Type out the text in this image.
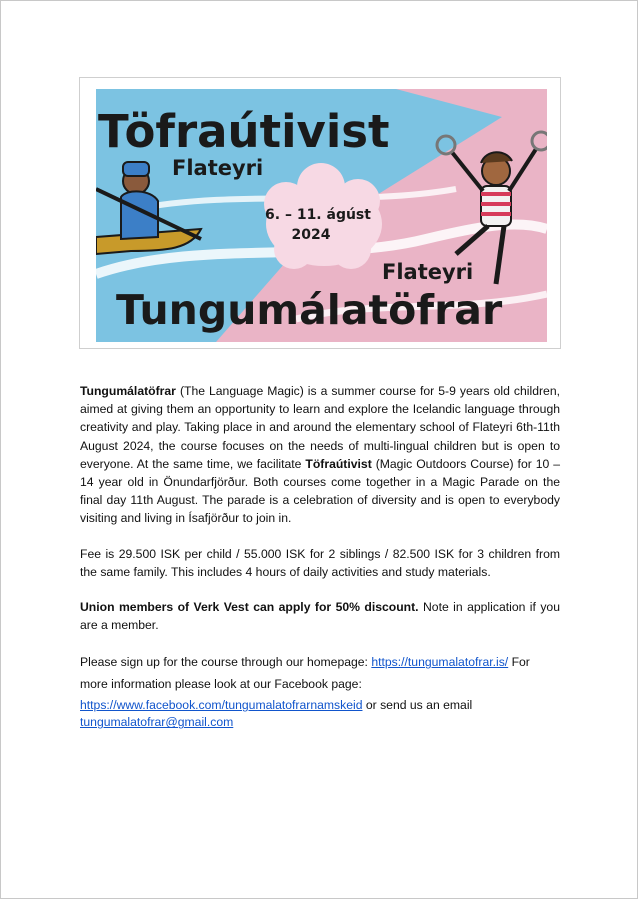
6. – 11. ágúst
2024
Töfraútivist
Flateyri
Flateyri
Tungumálatöfrar

Tungumálatöfrar (The Language Magic) is a summer course for 5-9 years old children, aimed at giving them an opportunity to learn and explore the Icelandic language through creativity and play. Taking place in and around the elementary school of Flateyri 6th-11th August 2024, the course focuses on the needs of multi-lingual children but is open to everyone. At the same time, we facilitate Töfraútivist (Magic Outdoors Course) for 10 – 14 year old in Önundarfjörður. Both courses come together in a Magic Parade on the final day 11th August. The parade is a celebration of diversity and is open to everybody visiting and living in Ísafjörður to join in.

Fee is 29.500 ISK per child / 55.000 ISK for 2 siblings / 82.500 ISK for 3 children from the same family. This includes 4 hours of daily activities and study materials.

Union members of Verk Vest can apply for 50% discount. Note in application if you are a member.

Please sign up for the course through our homepage: https://tungumalatofrar.is/ For more information please look at our Facebook page:

https://www.facebook.com/tungumalatofrarnamskeid or send us an email
tungumalatofrar@gmail.com
